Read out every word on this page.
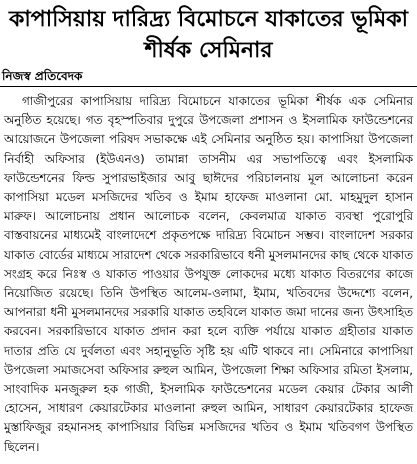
কাপাসিয়ায় দারিদ্র্য বিমোচনে যাকাতের ভূমিকা শীর্ষক সেমিনার
নিজস্ব প্রতিবেদক

গাজীপুরের কাপাসিয়ায় দারিদ্র্য বিমোচনে যাকাতের ভূমিকা শীর্ষক এক সেমিনার অনুষ্ঠিত হয়েছে। গত বৃহস্পতিবার দুপুরে উপজেলা প্রশাসন ও ইসলামিক ফাউন্ডেশনের আয়োজনে উপজেলা পরিষদ সভাকক্ষে এই সেমিনার অনুষ্ঠিত হয়। কাপাসিয়া উপজেলা নির্বাহী অফিসার (ইউএনও) তামান্না তাসনীম এর সভাপতিত্বে এবং ইসলামিক ফাউন্ডেশনের ফিল্ড সুপারভাইজার আবু ছাঈদের পরিচালনায় মূল আলোচনা করেন কাপাসিয়া মডেল মসজিদের খতিব ও ইমাম হাফেজ মাওলানা মো. মাহমুদুল হাসান মারুফ। আলোচনায় প্রধান আলোচক বলেন, কেবলমাত্র যাকাত ব্যবস্থা পুরোপুরি বাস্তবায়নের মাধ্যমেই বাংলাদেশে প্রকৃতপক্ষে দারিদ্র্য বিমোচন সম্ভব। বাংলাদেশ সরকার যাকাত বোর্ডের মাধ্যমে সারাদেশ থেকে সরকারিভাবে ধনী মুসলমানদের কাছ থেকে যাকাত সংগ্রহ করে নিঃস্ব ও যাকাত পাওয়ার উপযুক্ত লোকদের মধ্যে যাকাত বিতরণের কাজে নিয়োজিত রয়েছে। তিনি উপস্থিত আলেম-ওলামা, ইমাম, খতিবদের উদ্দেশ্যে বলেন, আপনারা ধনী মুসলমানদের সরকারি যাকাত তহবিলে যাকাত জমা দানের জন্য উৎসাহিত করবেন। সরকারিভাবে যাকাত প্রদান করা হলে ব্যক্তি পর্যায়ে যাকাত গ্রহীতার যাকাত দাতার প্রতি যে দুর্বলতা এবং সহানুভূতি সৃষ্টি হয় এটি থাকবে না। সেমিনারে কাপাসিয়া উপজেলা সমাজসেবা অফিসার রুহুল আমিন, উপজেলা শিক্ষা অফিসার রমিতা ইসলাম, সাংবাদিক মনজুরুল হক গাজী, ইসলামিক ফাউন্ডেশনের মডেল কেয়ার টেকার আলী হোসেন, সাধারণ কেয়ারটেকার মাওলানা রুহুল আমিন, সাধারণ কেয়ারটেকার হাফেজ মুস্তাফিজুর রহমানসহ কাপাসিয়ার বিভিন্ন মসজিদের খতিব ও ইমাম খতিবগণ উপস্থিত ছিলেন।
